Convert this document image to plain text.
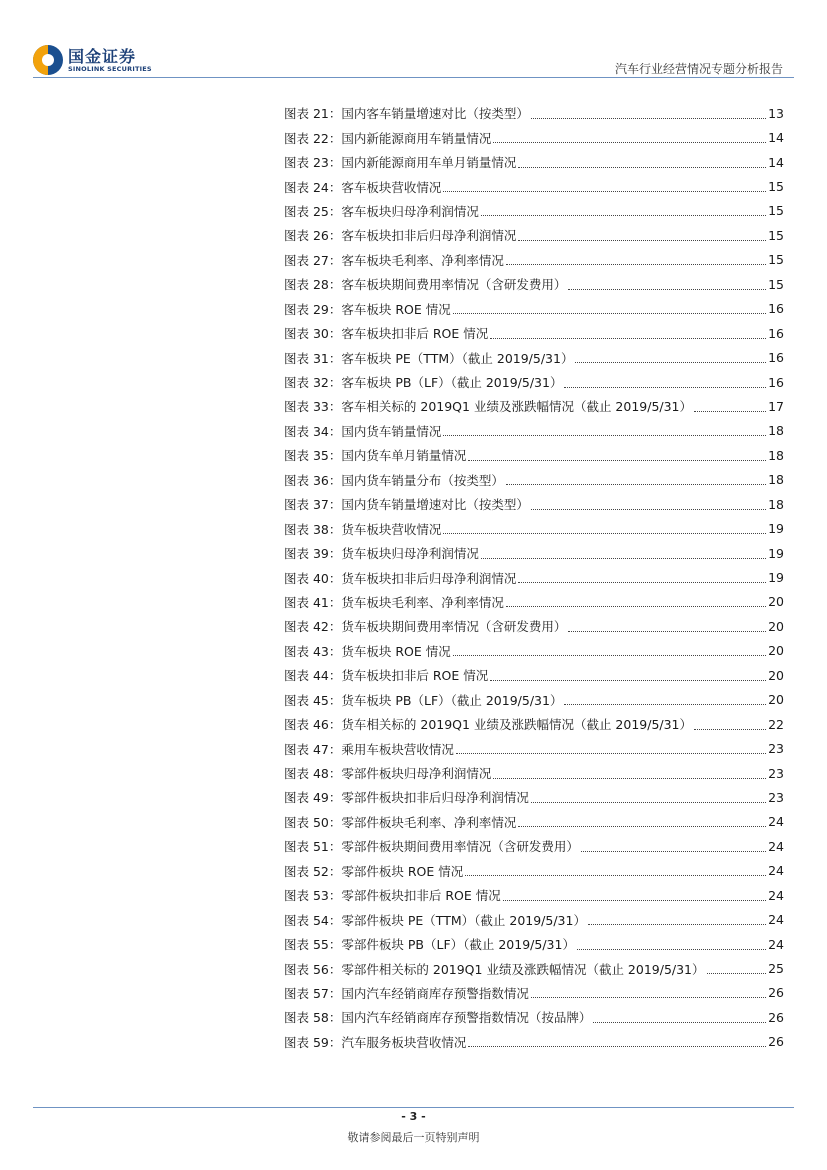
国金证券
SINOLINK SECURITIES	汽车行业经营情况专题分析报告
图表 21： 国内客车销量增速对比（按类型）	13
图表 22： 国内新能源商用车销量情况	14
图表 23： 国内新能源商用车单月销量情况	14
图表 24： 客车板块营收情况	15
图表 25： 客车板块归母净利润情况	15
图表 26： 客车板块扣非后归母净利润情况	15
图表 27： 客车板块毛利率、净利率情况	15
图表 28： 客车板块期间费用率情况（含研发费用）	15
图表 29： 客车板块 ROE 情况	16
图表 30： 客车板块扣非后 ROE 情况	16
图表 31： 客车板块 PE（TTM）（截止 2019/5/31）	16
图表 32： 客车板块 PB（LF）（截止 2019/5/31）	16
图表 33： 客车相关标的 2019Q1 业绩及涨跌幅情况（截止 2019/5/31）	17
图表 34： 国内货车销量情况	18
图表 35： 国内货车单月销量情况	18
图表 36： 国内货车销量分布（按类型）	18
图表 37： 国内货车销量增速对比（按类型）	18
图表 38： 货车板块营收情况	19
图表 39： 货车板块归母净利润情况	19
图表 40： 货车板块扣非后归母净利润情况	19
图表 41： 货车板块毛利率、净利率情况	20
图表 42： 货车板块期间费用率情况（含研发费用）	20
图表 43： 货车板块 ROE 情况	20
图表 44： 货车板块扣非后 ROE 情况	20
图表 45： 货车板块 PB（LF）（截止 2019/5/31）	20
图表 46： 货车相关标的 2019Q1 业绩及涨跌幅情况（截止 2019/5/31）	22
图表 47： 乘用车板块营收情况	23
图表 48： 零部件板块归母净利润情况	23
图表 49： 零部件板块扣非后归母净利润情况	23
图表 50： 零部件板块毛利率、净利率情况	24
图表 51： 零部件板块期间费用率情况（含研发费用）	24
图表 52： 零部件板块 ROE 情况	24
图表 53： 零部件板块扣非后 ROE 情况	24
图表 54： 零部件板块 PE（TTM）（截止 2019/5/31）	24
图表 55： 零部件板块 PB（LF）（截止 2019/5/31）	24
图表 56： 零部件相关标的 2019Q1 业绩及涨跌幅情况（截止 2019/5/31）	25
图表 57： 国内汽车经销商库存预警指数情况	26
图表 58： 国内汽车经销商库存预警指数情况（按品牌）	26
图表 59： 汽车服务板块营收情况	26
- 3 -
敬请参阅最后一页特别声明
